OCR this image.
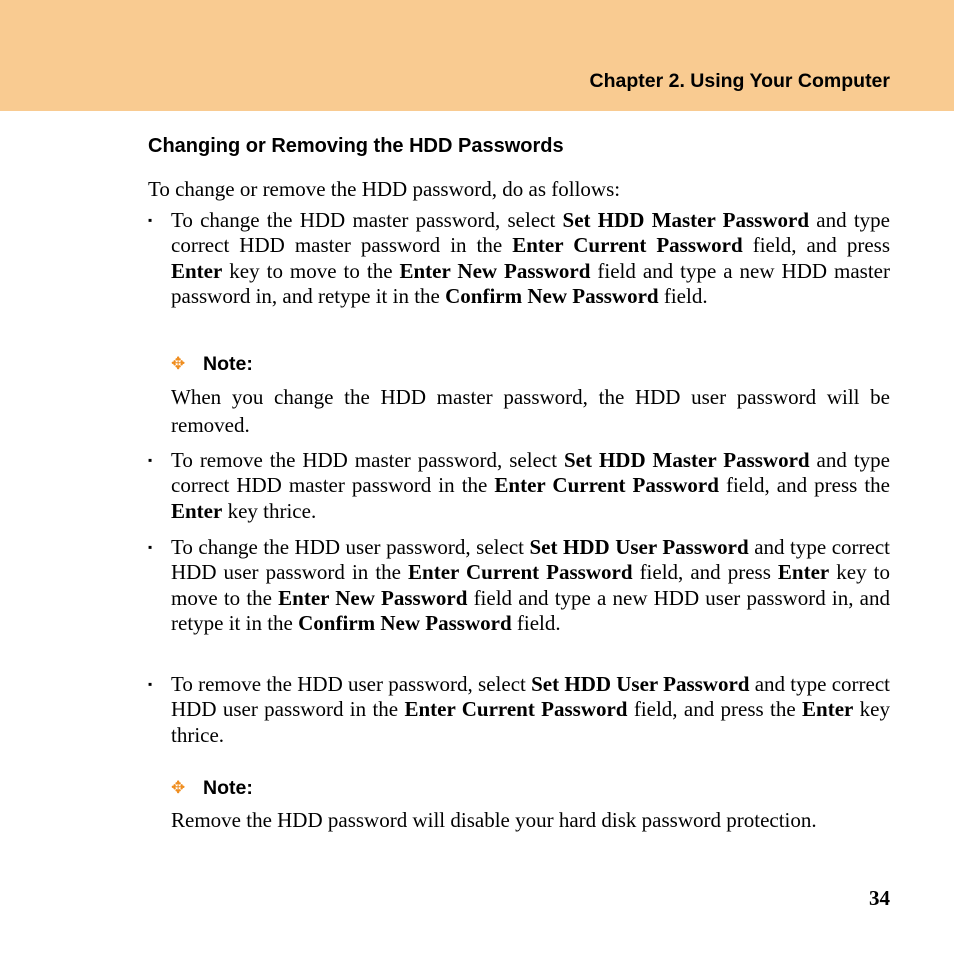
Chapter 2. Using Your Computer
Changing or Removing the HDD Passwords
To change or remove the HDD password, do as follows:
▪ To change the HDD master password, select Set HDD Master Password and type correct HDD master password in the Enter Current Password field, and press Enter key to move to the Enter New Password field and type a new HDD master password in, and retype it in the Confirm New Password field.
✥ Note:
When you change the HDD master password, the HDD user password will be removed.
▪ To remove the HDD master password, select Set HDD Master Password and type correct HDD master password in the Enter Current Password field, and press the Enter key thrice.
▪ To change the HDD user password, select Set HDD User Password and type correct HDD user password in the Enter Current Password field, and press Enter key to move to the Enter New Password field and type a new HDD user password in, and retype it in the Confirm New Password field.
▪ To remove the HDD user password, select Set HDD User Password and type correct HDD user password in the Enter Current Password field, and press the Enter key thrice.
✥ Note:
Remove the HDD password will disable your hard disk password protection.
34
